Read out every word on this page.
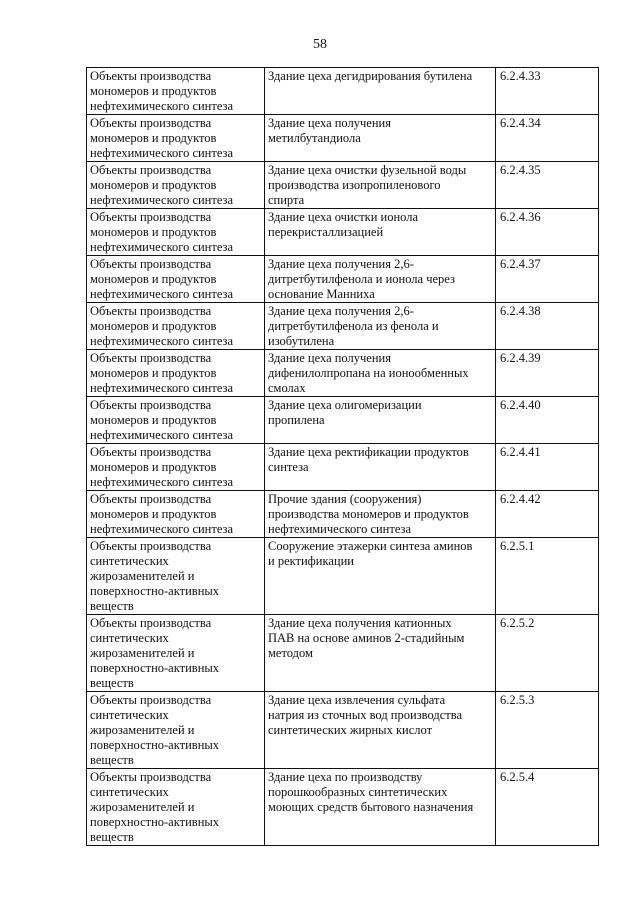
58
Объекты производства
мономеров и продуктов
нефтехимического синтеза	Здание цеха дегидрирования бутилена	6.2.4.33
Объекты производства
мономеров и продуктов
нефтехимического синтеза	Здание цеха получения
метилбутандиола	6.2.4.34
Объекты производства
мономеров и продуктов
нефтехимического синтеза	Здание цеха очистки фузельной воды
производства изопропиленового
спирта	6.2.4.35
Объекты производства
мономеров и продуктов
нефтехимического синтеза	Здание цеха очистки ионола
перекристаллизацией	6.2.4.36
Объекты производства
мономеров и продуктов
нефтехимического синтеза	Здание цеха получения 2,6-
дитретбутилфенола и ионола через
основание Манниха	6.2.4.37
Объекты производства
мономеров и продуктов
нефтехимического синтеза	Здание цеха получения 2,6-
дитретбутилфенола из фенола и
изобутилена	6.2.4.38
Объекты производства
мономеров и продуктов
нефтехимического синтеза	Здание цеха получения
дифенилолпропана на ионообменных
смолах	6.2.4.39
Объекты производства
мономеров и продуктов
нефтехимического синтеза	Здание цеха олигомеризации
пропилена	6.2.4.40
Объекты производства
мономеров и продуктов
нефтехимического синтеза	Здание цеха ректификации продуктов
синтеза	6.2.4.41
Объекты производства
мономеров и продуктов
нефтехимического синтеза	Прочие здания (сооружения)
производства мономеров и продуктов
нефтехимического синтеза	6.2.4.42
Объекты производства
синтетических
жирозаменителей и
поверхностно-активных
веществ	Сооружение этажерки синтеза аминов
и ректификации	6.2.5.1
Объекты производства
синтетических
жирозаменителей и
поверхностно-активных
веществ	Здание цеха получения катионных
ПАВ на основе аминов 2-стадийным
методом	6.2.5.2
Объекты производства
синтетических
жирозаменителей и
поверхностно-активных
веществ	Здание цеха извлечения сульфата
натрия из сточных вод производства
синтетических жирных кислот	6.2.5.3
Объекты производства
синтетических
жирозаменителей и
поверхностно-активных
веществ	Здание цеха по производству
порошкообразных синтетических
моющих средств бытового назначения	6.2.5.4
